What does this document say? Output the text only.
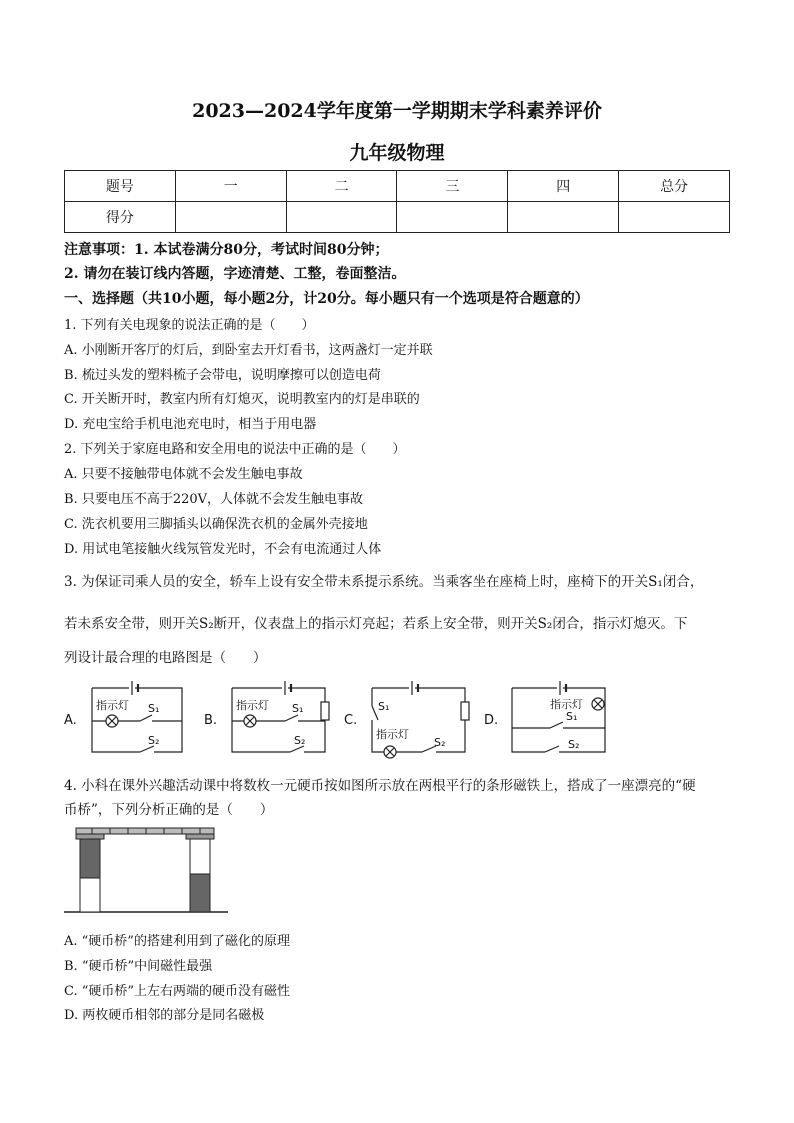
2023—2024学年度第一学期期末学科素养评价
九年级物理
题号	一	二	三	四	总分
得分					
注意事项：1. 本试卷满分80分，考试时间80分钟；
2. 请勿在装订线内答题，字迹清楚、工整，卷面整洁。
一、选择题（共10小题，每小题2分，计20分。每小题只有一个选项是符合题意的）
1. 下列有关电现象的说法正确的是（　　）
A. 小刚断开客厅的灯后，到卧室去开灯看书，这两盏灯一定并联
B. 梳过头发的塑料梳子会带电，说明摩擦可以创造电荷
C. 开关断开时，教室内所有灯熄灭，说明教室内的灯是串联的
D. 充电宝给手机电池充电时，相当于用电器
2. 下列关于家庭电路和安全用电的说法中正确的是（　　）
A. 只要不接触带电体就不会发生触电事故
B. 只要电压不高于220V，人体就不会发生触电事故
C. 洗衣机要用三脚插头以确保洗衣机的金属外壳接地
D. 用试电笔接触火线氖管发光时，不会有电流通过人体
3. 为保证司乘人员的安全，轿车上设有安全带未系提示系统。当乘客坐在座椅上时，座椅下的开关S₁闭合，
若未系安全带，则开关S₂断开，仪表盘上的指示灯亮起；若系上安全带，则开关S₂闭合，指示灯熄灭。下
列设计最合理的电路图是（　　）
A.
指示灯 S₁
S₂
B.
指示灯 S₁
S₂
C.
S₁
指示灯
S₂
D.
指示灯
S₁
S₂
4. 小科在课外兴趣活动课中将数枚一元硬币按如图所示放在两根平行的条形磁铁上，搭成了一座漂亮的“硬
币桥”，下列分析正确的是（　　）
A. “硬币桥”的搭建利用到了磁化的原理
B. “硬币桥”中间磁性最强
C. “硬币桥”上左右两端的硬币没有磁性
D. 两枚硬币相邻的部分是同名磁极
